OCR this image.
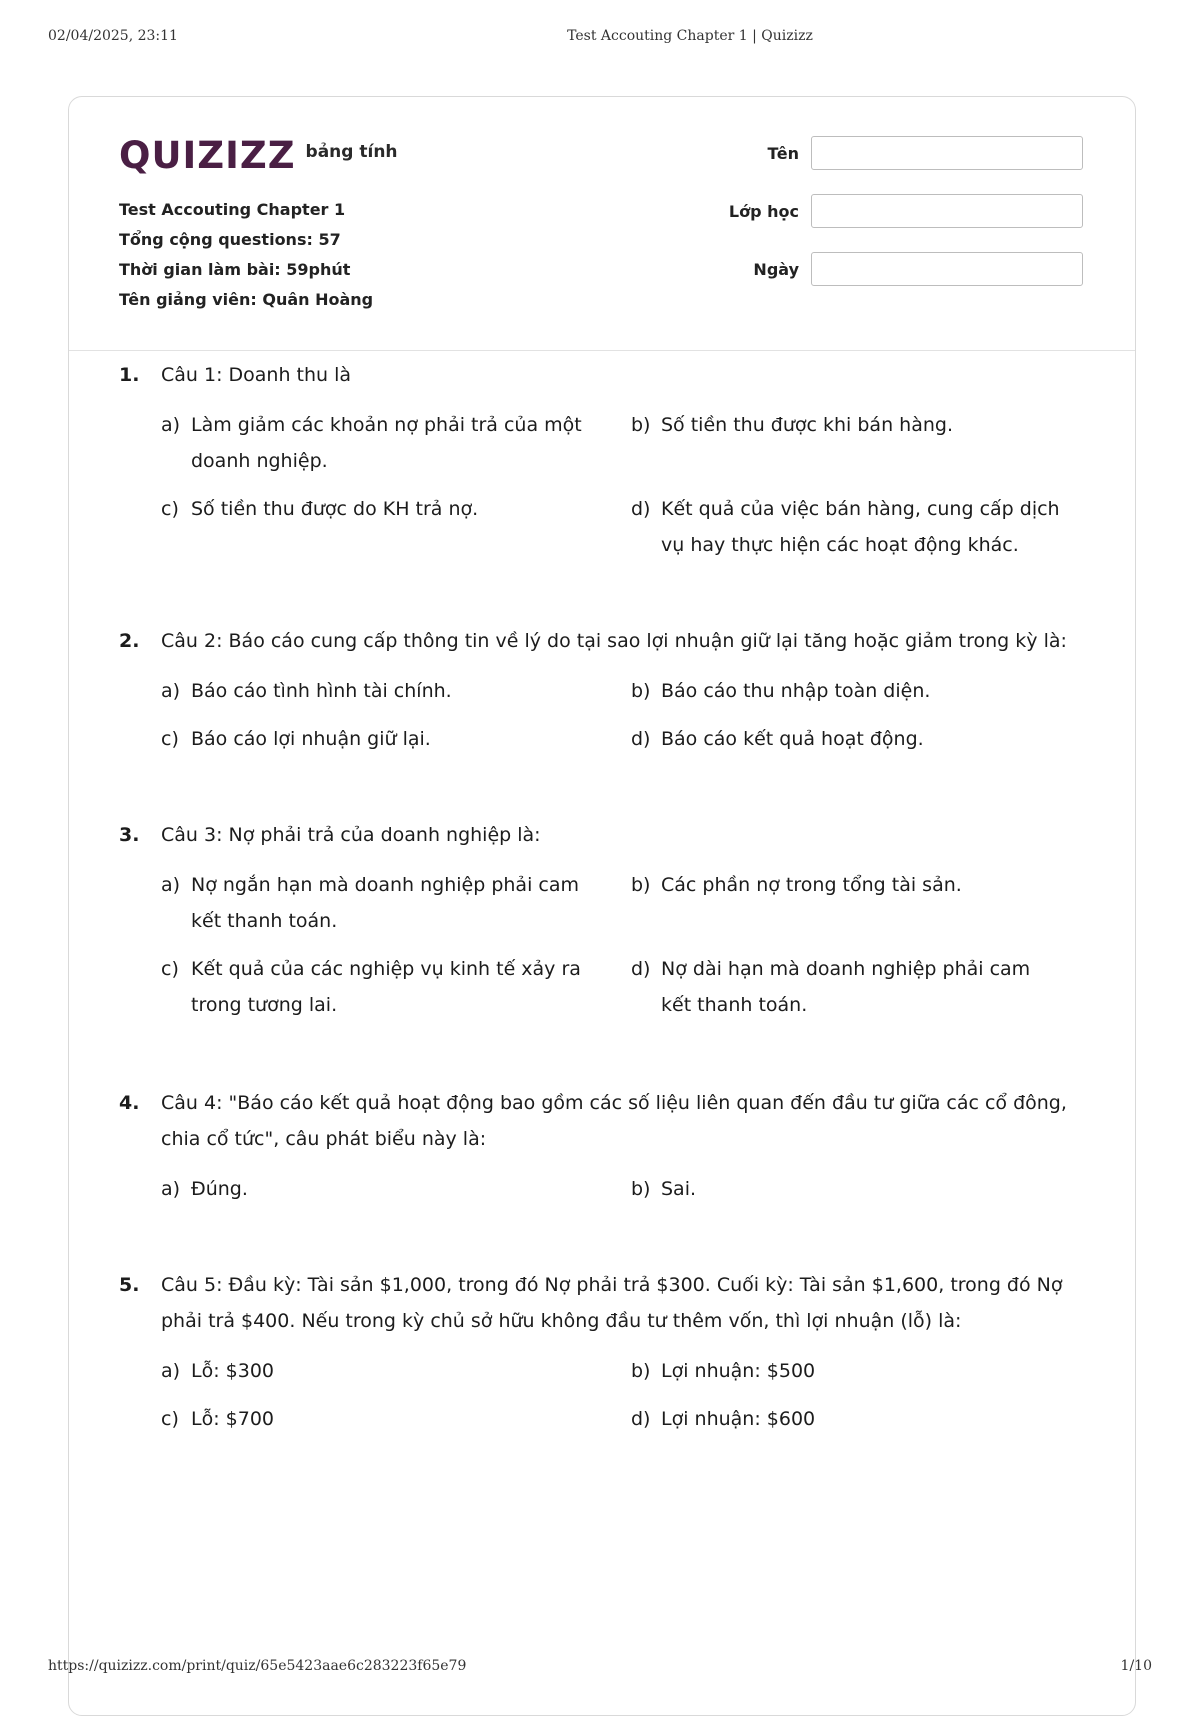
02/04/2025, 23:11	Test Accouting Chapter 1 | Quizizz
QUIZIZZ bảng tính
Test Accouting Chapter 1
Tổng cộng questions: 57
Thời gian làm bài: 59phút
Tên giảng viên: Quân Hoàng
Tên
Lớp học
Ngày
1. Câu 1: Doanh thu là
a) Làm giảm các khoản nợ phải trả của một doanh nghiệp.
b) Số tiền thu được khi bán hàng.
c) Số tiền thu được do KH trả nợ.	d) Kết quả của việc bán hàng, cung cấp dịch vụ hay thực hiện các hoạt động khác.
2. Câu 2: Báo cáo cung cấp thông tin về lý do tại sao lợi nhuận giữ lại tăng hoặc giảm trong kỳ là:
a) Báo cáo tình hình tài chính.	b) Báo cáo thu nhập toàn diện.
c) Báo cáo lợi nhuận giữ lại.	d) Báo cáo kết quả hoạt động.
3. Câu 3: Nợ phải trả của doanh nghiệp là:
a) Nợ ngắn hạn mà doanh nghiệp phải cam kết thanh toán.
b) Các phần nợ trong tổng tài sản.
c) Kết quả của các nghiệp vụ kinh tế xảy ra trong tương lai.
d) Nợ dài hạn mà doanh nghiệp phải cam kết thanh toán.
4. Câu 4: "Báo cáo kết quả hoạt động bao gồm các số liệu liên quan đến đầu tư giữa các cổ đông, chia cổ tức", câu phát biểu này là:
a) Đúng.	b) Sai.
5. Câu 5: Đầu kỳ: Tài sản $1,000, trong đó Nợ phải trả $300. Cuối kỳ: Tài sản $1,600, trong đó Nợ phải trả $400. Nếu trong kỳ chủ sở hữu không đầu tư thêm vốn, thì lợi nhuận (lỗ) là:
a) Lỗ: $300	b) Lợi nhuận: $500
c) Lỗ: $700	d) Lợi nhuận: $600
https://quizizz.com/print/quiz/65e5423aae6c283223f65e79	1/10
